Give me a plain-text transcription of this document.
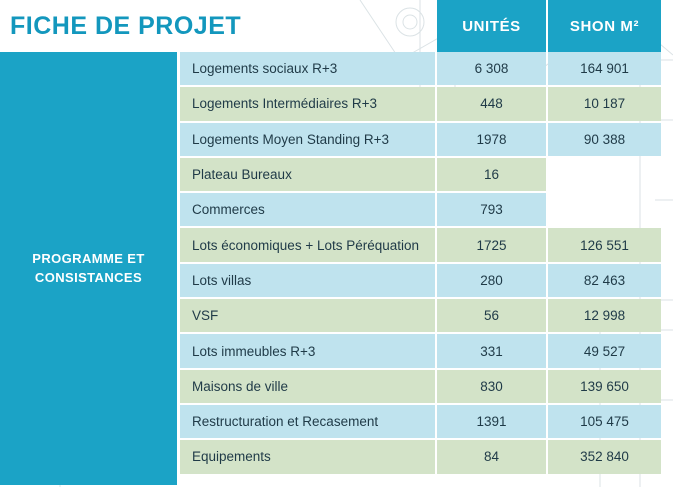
FICHE DE PROJET	UNITÉS	SHON M²
PROGRAMME ET
CONSISTANCES
Logements sociaux R+3	6 308	164 901
Logements Intermédiaires R+3	448	10 187
Logements Moyen Standing R+3	1978	90 388
Plateau Bureaux	16
Commerces	793
Lots économiques + Lots Péréquation	1725	126 551
Lots villas	280	82 463
VSF	56	12 998
Lots immeubles R+3	331	49 527
Maisons de ville	830	139 650
Restructuration et Recasement	1391	105 475
Equipements	84	352 840
